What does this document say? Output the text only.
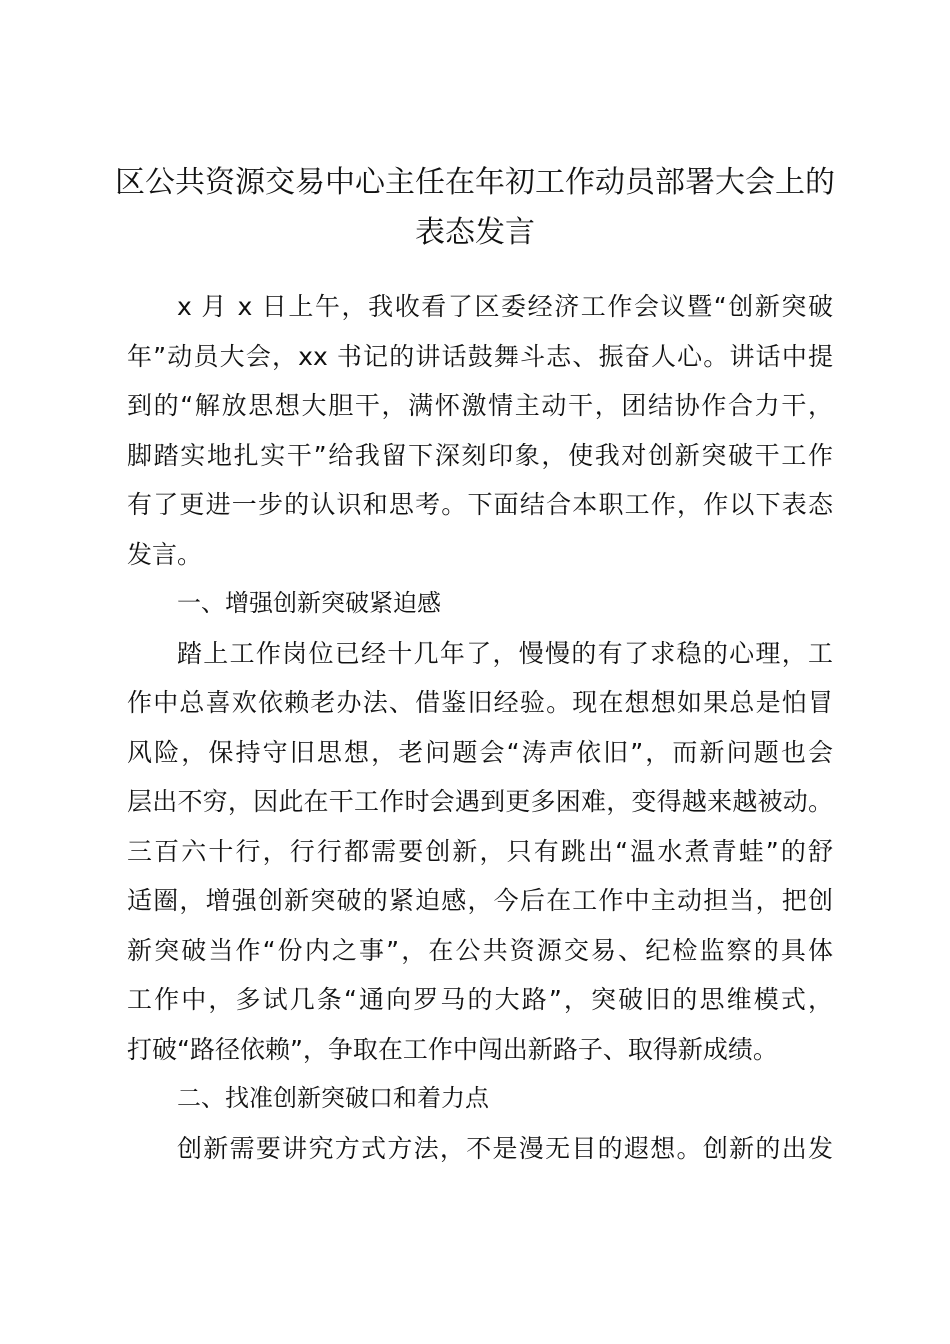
区公共资源交易中心主任在年初工作动员部署大会上的
表态发言
x 月 x 日上午，我收看了区委经济工作会议暨“创新突破
年”动员大会，xx 书记的讲话鼓舞斗志、振奋人心。讲话中提
到的“解放思想大胆干，满怀激情主动干，团结协作合力干，
脚踏实地扎实干”给我留下深刻印象，使我对创新突破干工作
有了更进一步的认识和思考。下面结合本职工作，作以下表态
发言。
一、增强创新突破紧迫感
踏上工作岗位已经十几年了，慢慢的有了求稳的心理，工
作中总喜欢依赖老办法、借鉴旧经验。现在想想如果总是怕冒
风险，保持守旧思想，老问题会“涛声依旧”，而新问题也会
层出不穷，因此在干工作时会遇到更多困难，变得越来越被动。
三百六十行，行行都需要创新，只有跳出“温水煮青蛙”的舒
适圈，增强创新突破的紧迫感，今后在工作中主动担当，把创
新突破当作“份内之事”，在公共资源交易、纪检监察的具体
工作中，多试几条“通向罗马的大路”，突破旧的思维模式，
打破“路径依赖”，争取在工作中闯出新路子、取得新成绩。
二、找准创新突破口和着力点
创新需要讲究方式方法，不是漫无目的遐想。创新的出发
